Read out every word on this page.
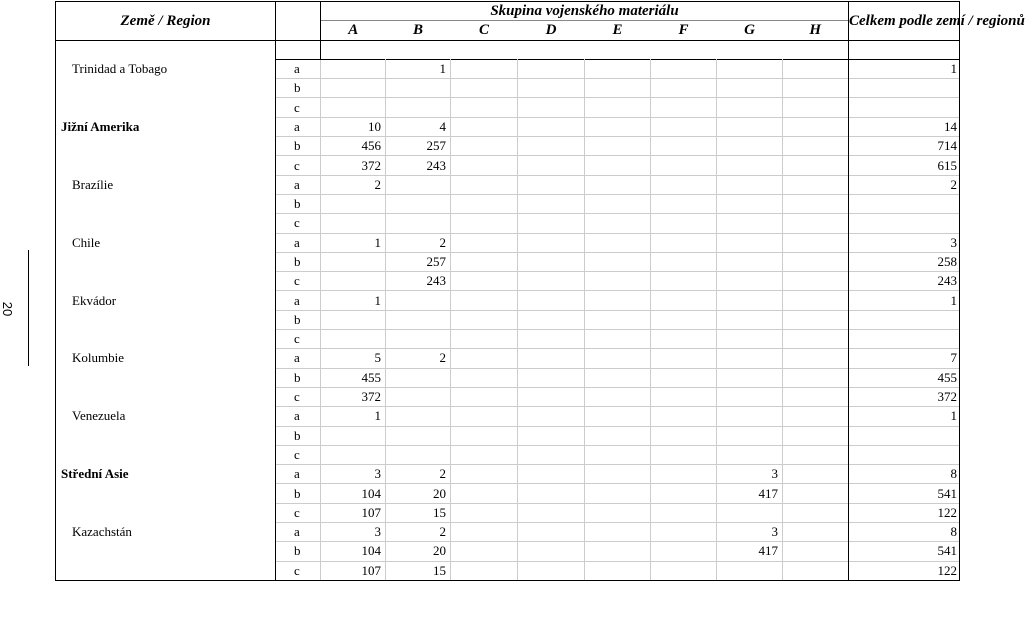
20
Země / Region		Skupina vojenského materiálu								Celkem podle zemí / regionů
		A	B	C	D	E	F	G	H	

Trinidad a Tobago	a		1							1
	b									
	c									
Jižní Amerika	a	10	4							14
	b	456	257							714
	c	372	243							615
Brazílie	a	2								2
	b									
	c									
Chile	a	1	2							3
	b		257							258
	c		243							243
Ekvádor	a	1								1
	b									
	c									
Kolumbie	a	5	2							7
	b	455								455
	c	372								372
Venezuela	a	1								1
	b									
	c									
Střední Asie	a	3	2					3		8
	b	104	20					417		541
	c	107	15							122
Kazachstán	a	3	2					3		8
	b	104	20					417		541
	c	107	15							122
